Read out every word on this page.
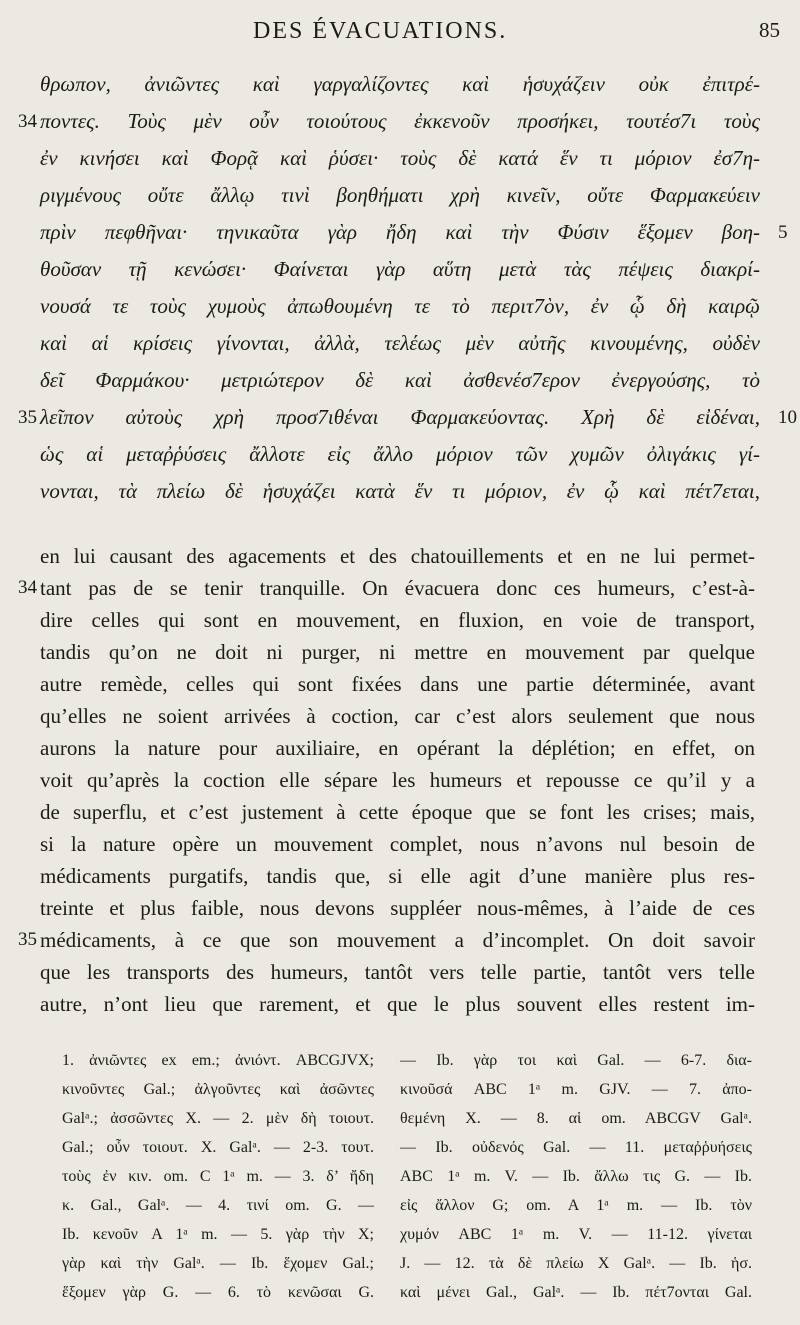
DES ÉVACUATIONS.	85
θρωπον, ἀνιῶντες καὶ γαργαλίζοντες καὶ ἡσυχάζειν οὐκ ἐπιτρέ-
ποντες. Τοὺς μὲν οὖν τοιούτους ἐκκενοῦν προσήκει, τουτέσ7ι τοὺς
34
ἐν κινήσει καὶ Φορᾷ καὶ ῥύσει· τοὺς δὲ κατά ἕν τι μόριον ἐσ7η-
ριγμένους οὔτε ἄλλῳ τινὶ βοηθήματι χρὴ κινεῖν, οὔτε Φαρμακεύειν
πρὶν πεφθῆναι· τηνικαῦτα γὰρ ἤδη καὶ τὴν Φύσιν ἕξομεν βοη- 5
θοῦσαν τῇ κενώσει· Φαίνεται γὰρ αὕτη μετὰ τὰς πέψεις διακρί-
νουσά τε τοὺς χυμοὺς ἀπωθουμένη τε τὸ περιτ7ὸν, ἐν ᾧ δὴ καιρῷ
καὶ αἱ κρίσεις γίνονται, ἀλλὰ, τελέως μὲν αὐτῆς κινουμένης, οὐδὲν
δεῖ Φαρμάκου· μετριώτερον δὲ καὶ ἀσθενέσ7ερον ἐνεργούσης, τὸ
λεῖπον αὐτοὺς χρὴ προσ7ιθέναι Φαρμακεύοντας. Χρὴ δὲ εἰδέναι,
35	10
ὡς αἱ μεταῤῥύσεις ἄλλοτε εἰς ἄλλο μόριον τῶν χυμῶν ὀλιγάκις γί-
νονται, τὰ πλείω δὲ ἡσυχάζει κατὰ ἕν τι μόριον, ἐν ᾧ καὶ πέτ7εται,
en lui causant des agacements et des chatouillements et en ne lui permet-
tant pas de se tenir tranquille. On évacuera donc ces humeurs, c’est-à-
34
dire celles qui sont en mouvement, en fluxion, en voie de transport,
tandis qu’on ne doit ni purger, ni mettre en mouvement par quelque
autre remède, celles qui sont fixées dans une partie déterminée, avant
qu’elles ne soient arrivées à coction, car c’est alors seulement que nous
aurons la nature pour auxiliaire, en opérant la déplétion; en effet, on
voit qu’après la coction elle sépare les humeurs et repousse ce qu’il y a
de superflu, et c’est justement à cette époque que se font les crises; mais,
si la nature opère un mouvement complet, nous n’avons nul besoin de
médicaments purgatifs, tandis que, si elle agit d’une manière plus res-
treinte et plus faible, nous devons suppléer nous-mêmes, à l’aide de ces
médicaments, à ce que son mouvement a d’incomplet. On doit savoir
35
que les transports des humeurs, tantôt vers telle partie, tantôt vers telle
autre, n’ont lieu que rarement, et que le plus souvent elles restent im-
1. ἀνιῶντες ex em.; ἀνιόντ. ABCGJVX;
κινοῦντες Gal.; ἀλγοῦντες καὶ ἀσῶντες
Galᵃ.; ἀσσῶντες X. — 2. μὲν δὴ τοιουτ.
Gal.; οὖν τοιουτ. X. Galᵃ. — 2-3. τουτ.
τοὺς ἐν κιν. om. C 1ᵃ m. — 3. δ’ ἤδη
κ. Gal., Galᵃ. — 4. τινί om. G. —
Ib. κενοῦν A 1ᵃ m. — 5. γὰρ τὴν X;
γὰρ καὶ τὴν Galᵃ. — Ib. ἕχομεν Gal.;
ἕξομεν γὰρ G. — 6. τὸ κενῶσαι G.
— Ib. γὰρ τοι καὶ Gal. — 6-7. δια-
κινοῦσά ABC 1ᵃ m. GJV. — 7. ἀπο-
θεμένη X. — 8. αἱ om. ABCGV Galᵃ.
— Ib. οὐδενός Gal. — 11. μεταῤῥυήσεις
ABC 1ᵃ m. V. — Ib. ἄλλω τις G. — Ib.
εἰς ἄλλον G; om. A 1ᵃ m. — Ib. τὸν
χυμόν ABC 1ᵃ m. V. — 11-12. γίνεται
J. — 12. τὰ δὲ πλείω X Galᵃ. — Ib. ἡσ.
καὶ μένει Gal., Galᵃ. — Ib. πέτ7ονται Gal.
